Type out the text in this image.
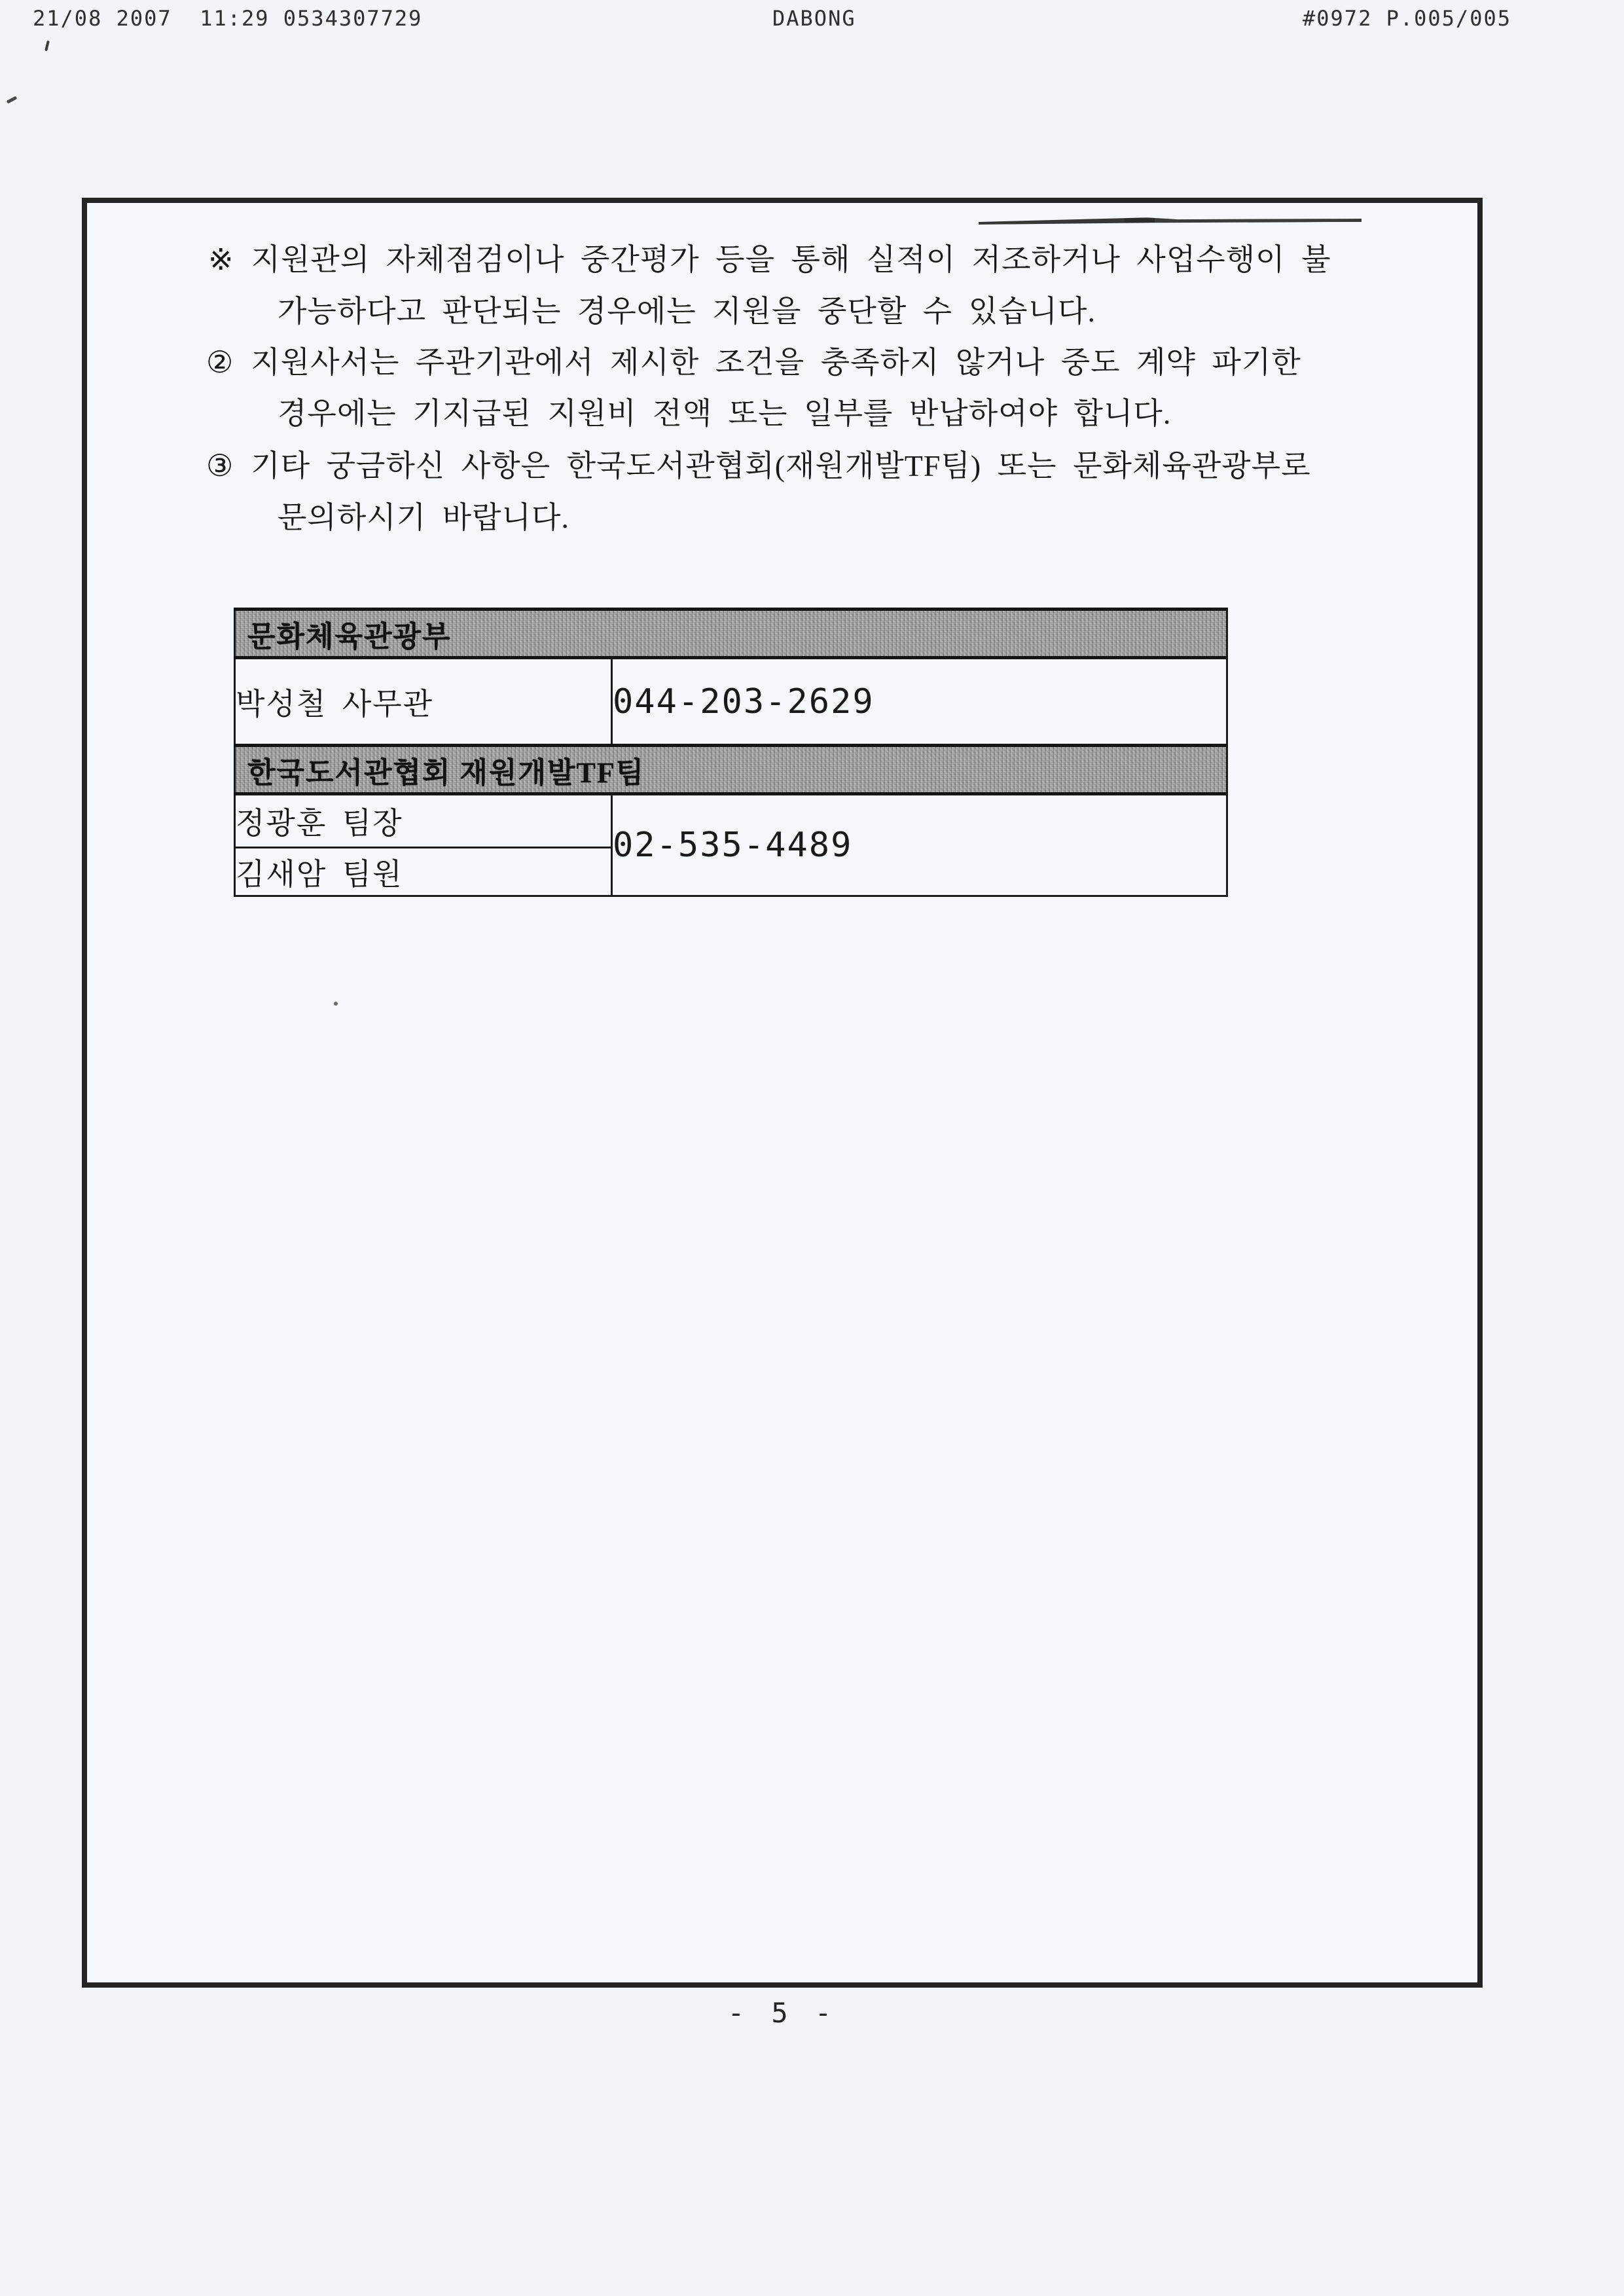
21/08 2007  11:29 0534307729	DABONG	#0972 P.005/005
※ 지원관의 자체점검이나 중간평가 등을 통해 실적이 저조하거나 사업수행이 불
가능하다고 판단되는 경우에는 지원을 중단할 수 있습니다.
② 지원사서는 주관기관에서 제시한 조건을 충족하지 않거나 중도 계약 파기한
경우에는 기지급된 지원비 전액 또는 일부를 반납하여야 합니다.
③ 기타 궁금하신 사항은 한국도서관협회(재원개발TF팀) 또는 문화체육관광부로
문의하시기 바랍니다.
문화체육관광부	
박성철 사무관	044-203-2629
한국도서관협회 재원개발TF팀	
정광훈 팀장	02-535-4489
김새암 팀원	
- 5 -
